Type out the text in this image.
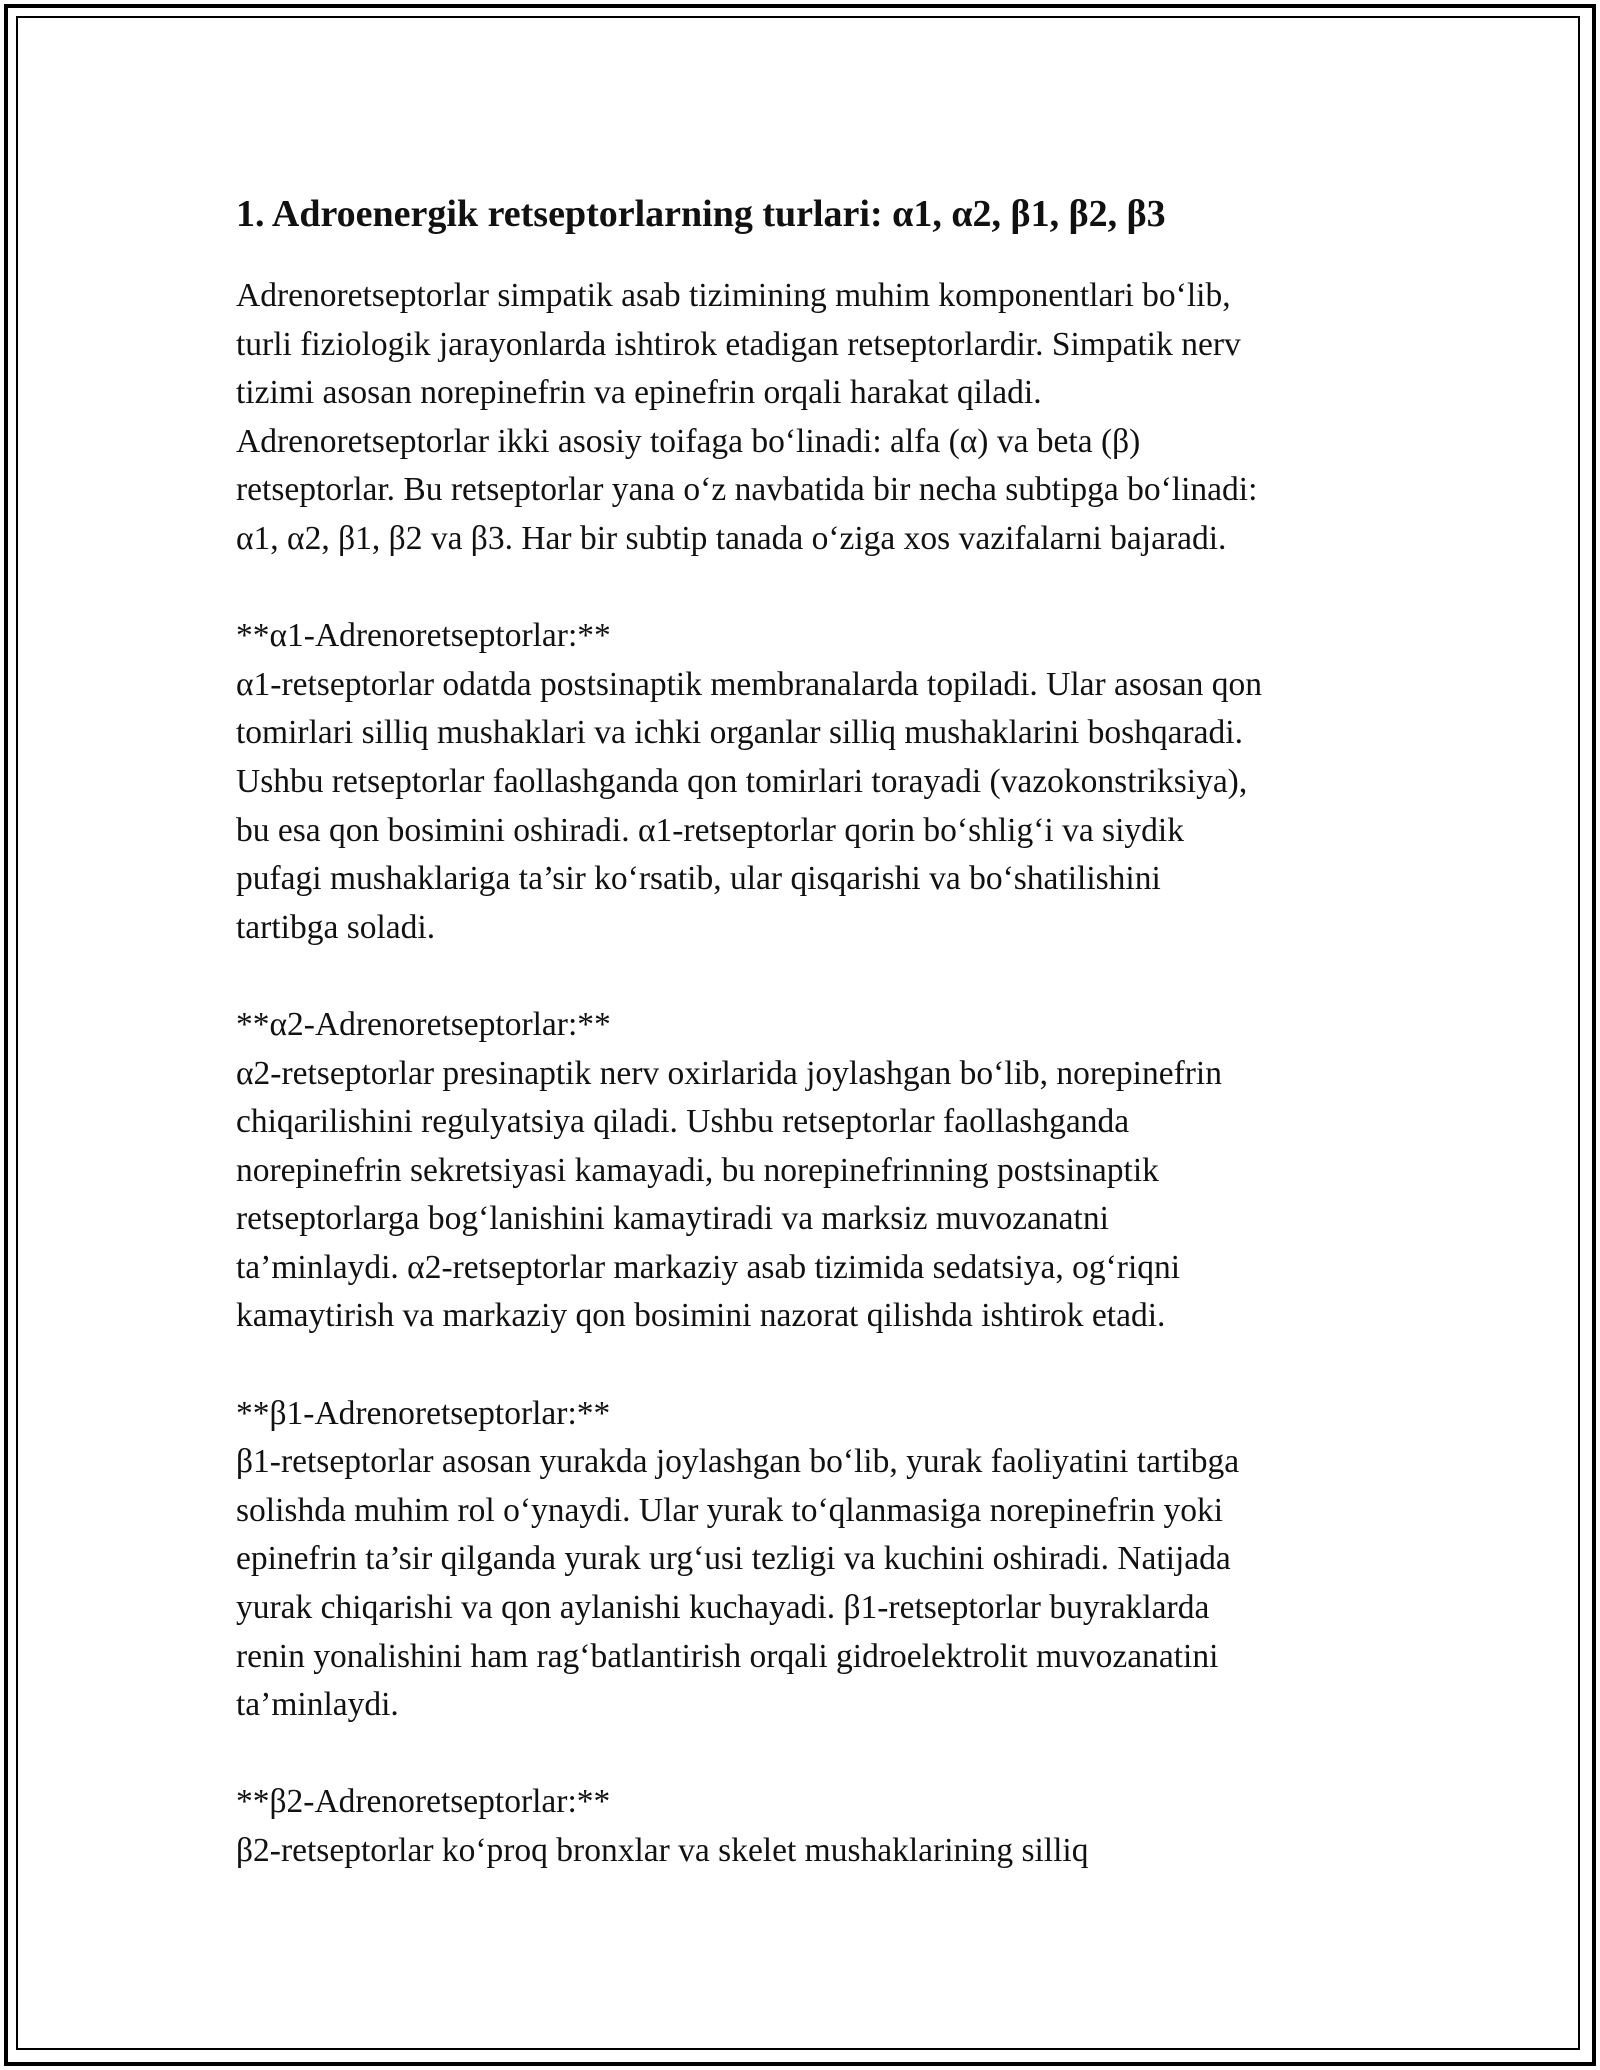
1. Adroenergik retseptorlarning turlari: α1, α2, β1, β2, β3

Adrenoretseptorlar simpatik asab tizimining muhim komponentlari bo‘lib,
turli fiziologik jarayonlarda ishtirok etadigan retseptorlardir. Simpatik nerv
tizimi asosan norepinefrin va epinefrin orqali harakat qiladi.
Adrenoretseptorlar ikki asosiy toifaga bo‘linadi: alfa (α) va beta (β)
retseptorlar. Bu retseptorlar yana o‘z navbatida bir necha subtipga bo‘linadi:
α1, α2, β1, β2 va β3. Har bir subtip tanada o‘ziga xos vazifalarni bajaradi.

**α1-Adrenoretseptorlar:**

α1-retseptorlar odatda postsinaptik membranalarda topiladi. Ular asosan qon
tomirlari silliq mushaklari va ichki organlar silliq mushaklarini boshqaradi.
Ushbu retseptorlar faollashganda qon tomirlari torayadi (vazokonstriksiya),
bu esa qon bosimini oshiradi. α1-retseptorlar qorin bo‘shlig‘i va siydik
pufagi mushaklariga ta’sir ko‘rsatib, ular qisqarishi va bo‘shatilishini
tartibga soladi.

**α2-Adrenoretseptorlar:**

α2-retseptorlar presinaptik nerv oxirlarida joylashgan bo‘lib, norepinefrin
chiqarilishini regulyatsiya qiladi. Ushbu retseptorlar faollashganda
norepinefrin sekretsiyasi kamayadi, bu norepinefrinning postsinaptik
retseptorlarga bog‘lanishini kamaytiradi va marksiz muvozanatni
ta’minlaydi. α2-retseptorlar markaziy asab tizimida sedatsiya, og‘riqni
kamaytirish va markaziy qon bosimini nazorat qilishda ishtirok etadi.

**β1-Adrenoretseptorlar:**

β1-retseptorlar asosan yurakda joylashgan bo‘lib, yurak faoliyatini tartibga
solishda muhim rol o‘ynaydi. Ular yurak to‘qlanmasiga norepinefrin yoki
epinefrin ta’sir qilganda yurak urg‘usi tezligi va kuchini oshiradi. Natijada
yurak chiqarishi va qon aylanishi kuchayadi. β1-retseptorlar buyraklarda
renin yonalishini ham rag‘batlantirish orqali gidroelektrolit muvozanatini
ta’minlaydi.

**β2-Adrenoretseptorlar:**

β2-retseptorlar ko‘proq bronxlar va skelet mushaklarining silliq
